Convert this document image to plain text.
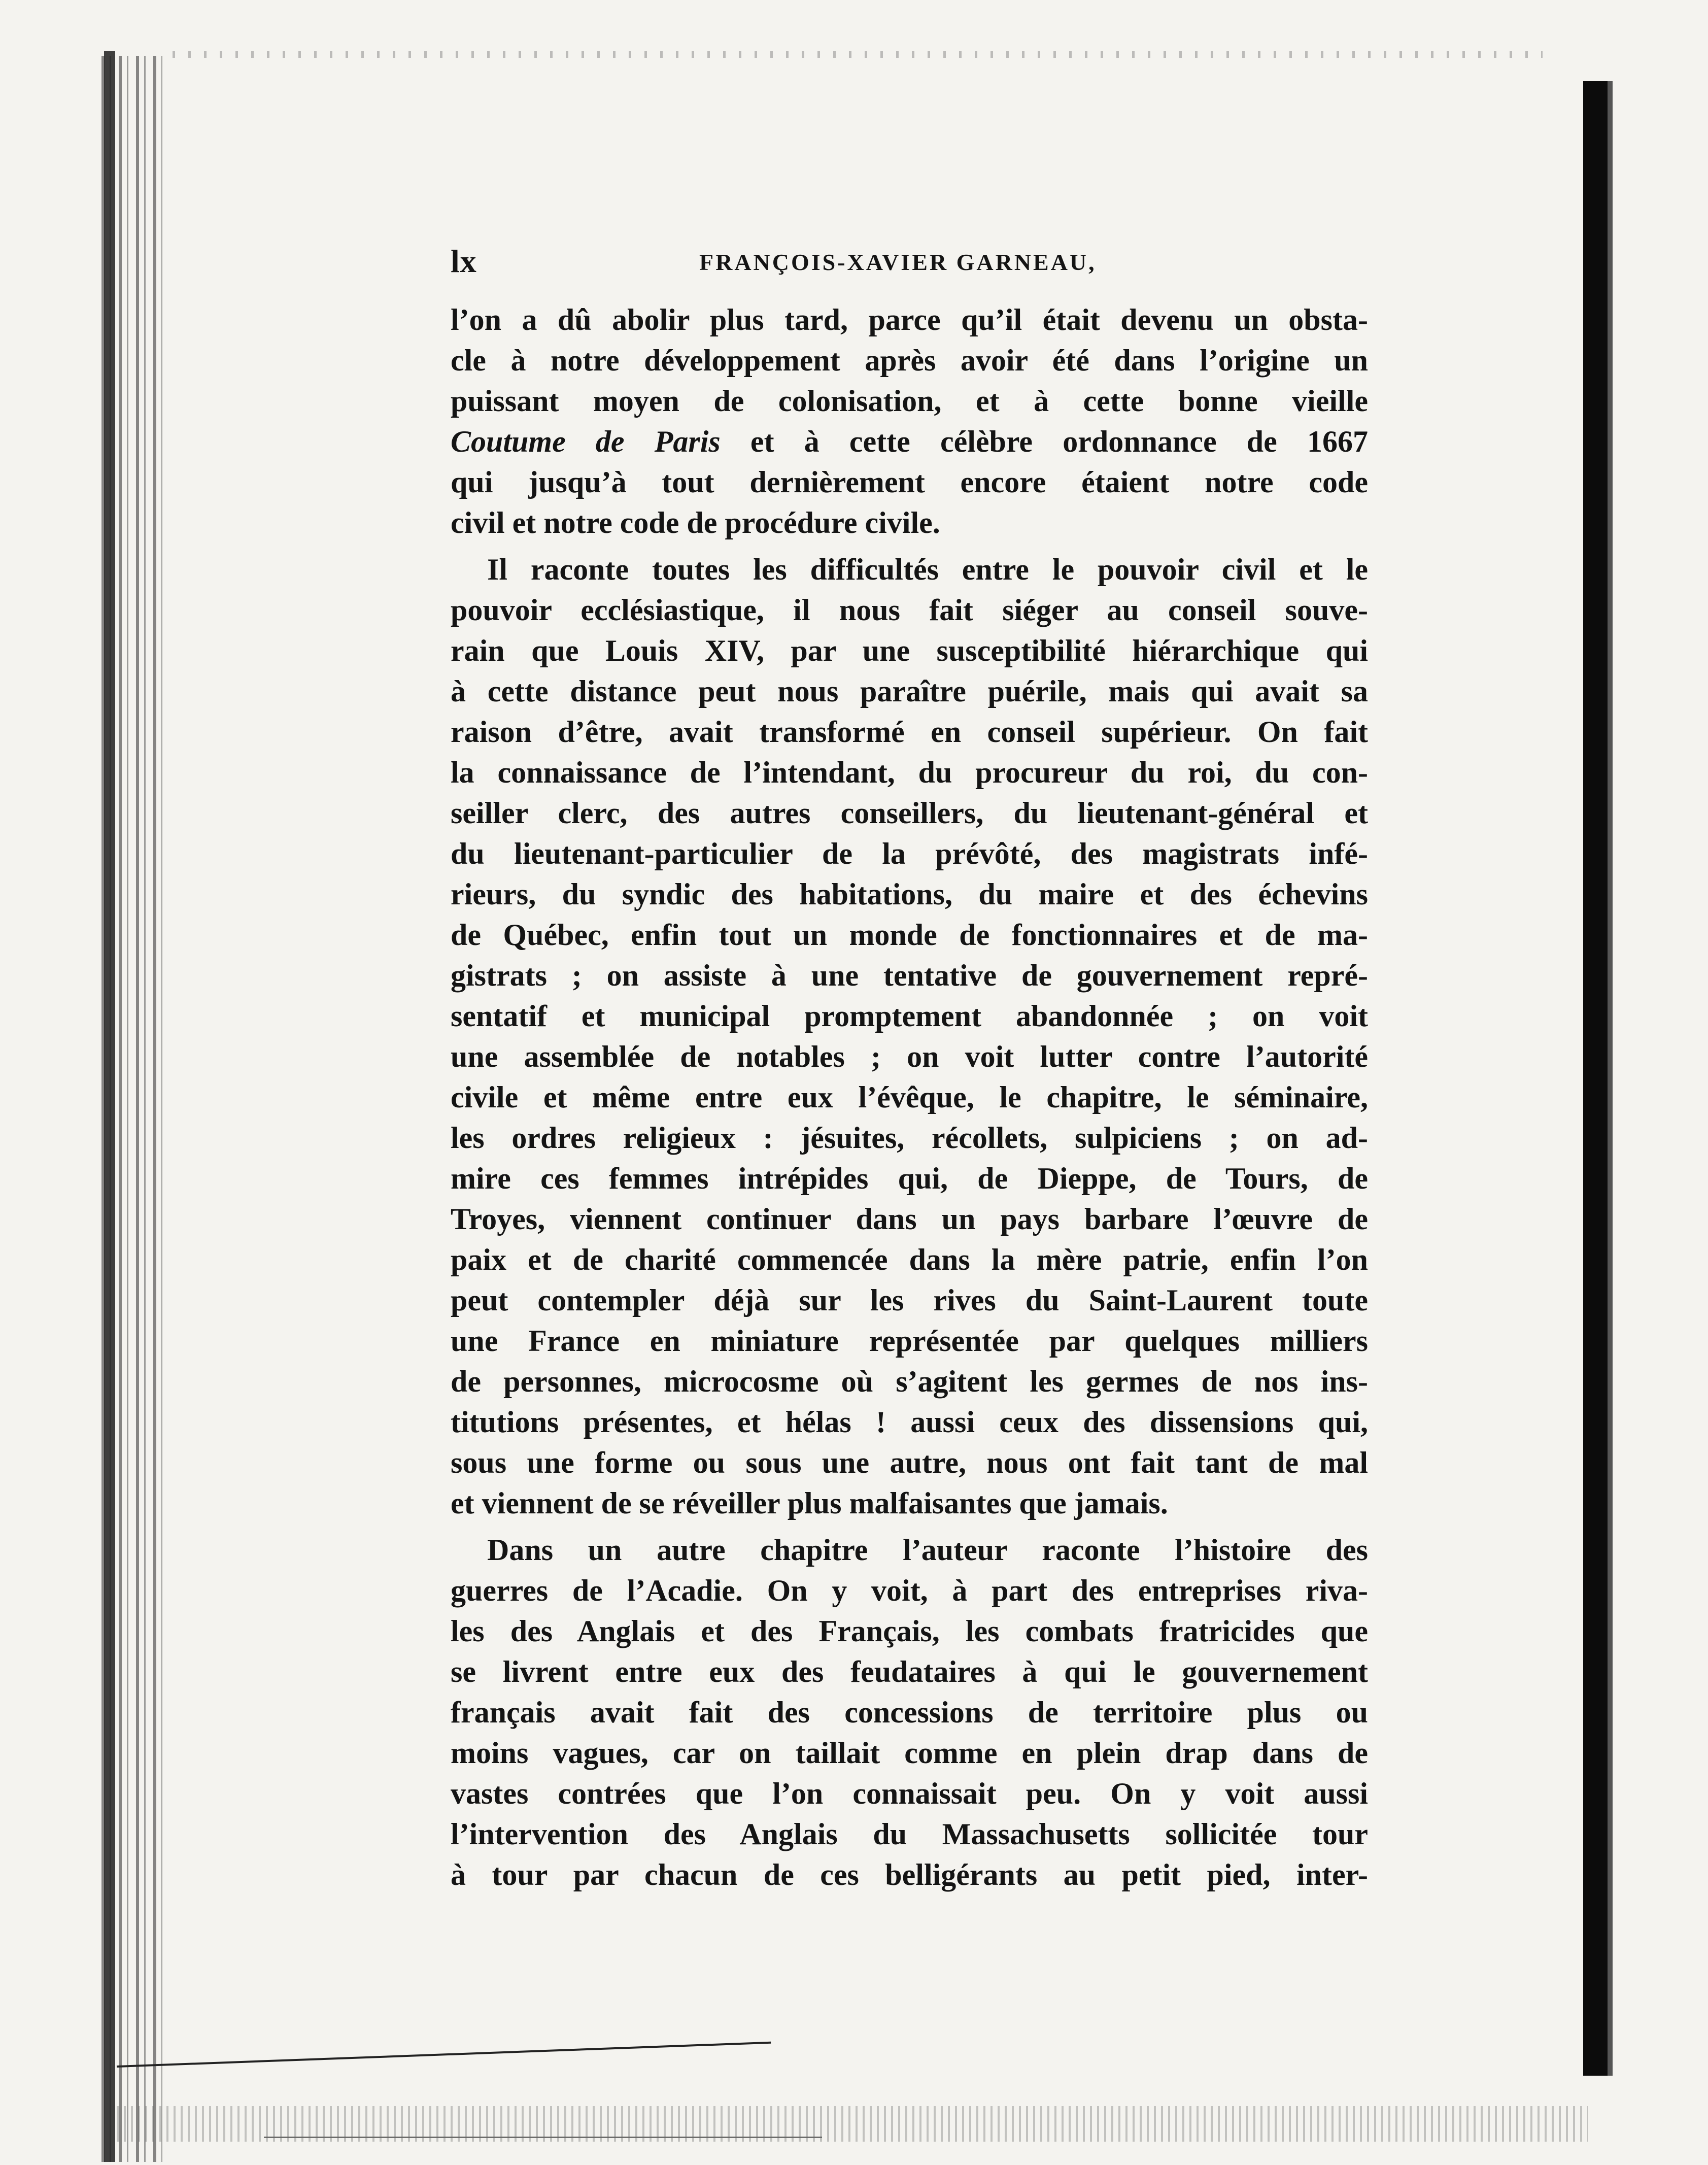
lx	FRANÇOIS-XAVIER GARNEAU,
l’on a dû abolir plus tard, parce qu’il était devenu un obsta-
cle à notre développement après avoir été dans l’origine un
puissant moyen de colonisation, et à cette bonne vieille
Coutume de Paris et à cette célèbre ordonnance de 1667
qui jusqu’à tout dernièrement encore étaient notre code
civil et notre code de procédure civile.
Il raconte toutes les difficultés entre le pouvoir civil et le
pouvoir ecclésiastique, il nous fait siéger au conseil souve-
rain que Louis XIV, par une susceptibilité hiérarchique qui
à cette distance peut nous paraître puérile, mais qui avait sa
raison d’être, avait transformé en conseil supérieur. On fait
la connaissance de l’intendant, du procureur du roi, du con-
seiller clerc, des autres conseillers, du lieutenant-général et
du lieutenant-particulier de la prévôté, des magistrats infé-
rieurs, du syndic des habitations, du maire et des échevins
de Québec, enfin tout un monde de fonctionnaires et de ma-
gistrats ; on assiste à une tentative de gouvernement repré-
sentatif et municipal promptement abandonnée ; on voit
une assemblée de notables ; on voit lutter contre l’autorité
civile et même entre eux l’évêque, le chapitre, le séminaire,
les ordres religieux : jésuites, récollets, sulpiciens ; on ad-
mire ces femmes intrépides qui, de Dieppe, de Tours, de
Troyes, viennent continuer dans un pays barbare l’œuvre de
paix et de charité commencée dans la mère patrie, enfin l’on
peut contempler déjà sur les rives du Saint-Laurent toute
une France en miniature représentée par quelques milliers
de personnes, microcosme où s’agitent les germes de nos ins-
titutions présentes, et hélas ! aussi ceux des dissensions qui,
sous une forme ou sous une autre, nous ont fait tant de mal
et viennent de se réveiller plus malfaisantes que jamais.
Dans un autre chapitre l’auteur raconte l’histoire des
guerres de l’Acadie. On y voit, à part des entreprises riva-
les des Anglais et des Français, les combats fratricides que
se livrent entre eux des feudataires à qui le gouvernement
français avait fait des concessions de territoire plus ou
moins vagues, car on taillait comme en plein drap dans de
vastes contrées que l’on connaissait peu. On y voit aussi
l’intervention des Anglais du Massachusetts sollicitée tour
à tour par chacun de ces belligérants au petit pied, inter-
